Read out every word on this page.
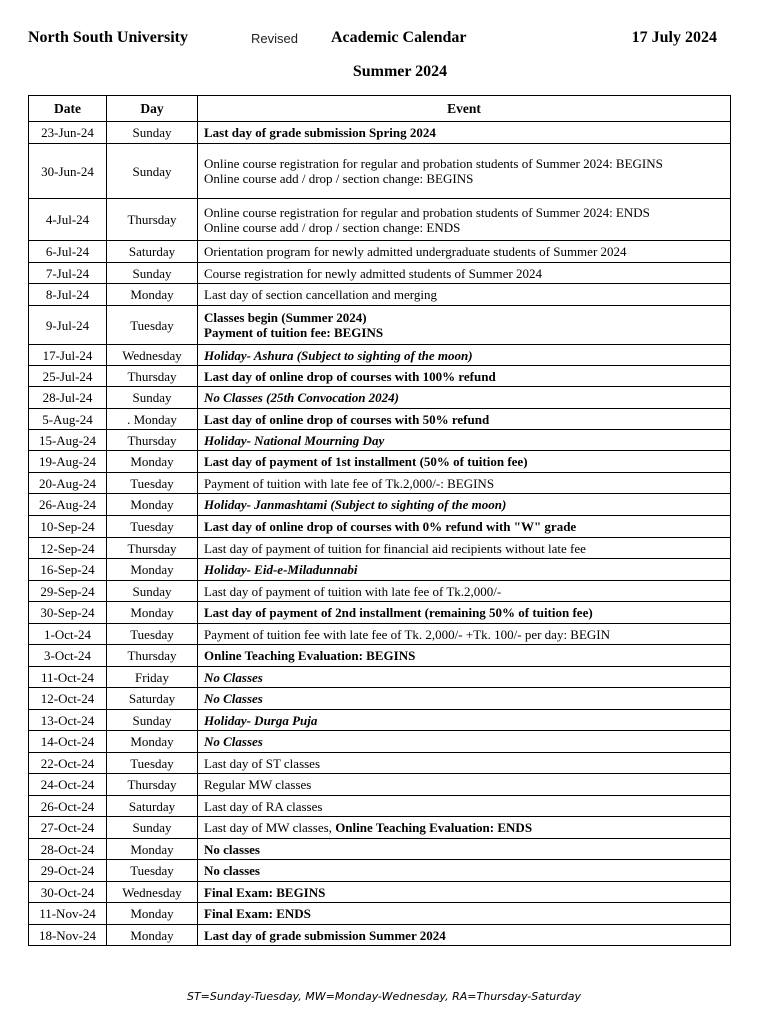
North South University	Revised Academic Calendar	17 July 2024
Summer 2024
Date	Day	Event
23-Jun-24	Sunday	Last day of grade submission Spring 2024

30-Jun-24	Sunday	Online course registration for regular and probation students of Summer 2024: BEGINS
Online course add / drop / section change: BEGINS

4-Jul-24	Thursday	Online course registration for regular and probation students of Summer 2024: ENDS
Online course add / drop / section change: ENDS

6-Jul-24	Saturday	Orientation program for newly admitted undergraduate students of Summer 2024

7-Jul-24	Sunday	Course registration for newly admitted students of Summer 2024

8-Jul-24	Monday	Last day of section cancellation and merging

9-Jul-24	Tuesday	Classes begin (Summer 2024)
Payment of tuition fee: BEGINS

17-Jul-24	Wednesday	Holiday- Ashura (Subject to sighting of the moon)

25-Jul-24	Thursday	Last day of online drop of courses with 100% refund

28-Jul-24	Sunday	No Classes (25th Convocation 2024)

5-Aug-24	. Monday	Last day of online drop of courses with 50% refund

15-Aug-24	Thursday	Holiday- National Mourning Day

19-Aug-24	Monday	Last day of payment of 1st installment (50% of tuition fee)

20-Aug-24	Tuesday	Payment of tuition with late fee of Tk.2,000/-: BEGINS

26-Aug-24	Monday	Holiday- Janmashtami (Subject to sighting of the moon)

10-Sep-24	Tuesday	Last day of online drop of courses with 0% refund with "W" grade

12-Sep-24	Thursday	Last day of payment of tuition for financial aid recipients without late fee

16-Sep-24	Monday	Holiday- Eid-e-Miladunnabi

29-Sep-24	Sunday	Last day of payment of tuition with late fee of Tk.2,000/-

30-Sep-24	Monday	Last day of payment of 2nd installment (remaining 50% of tuition fee)

1-Oct-24	Tuesday	Payment of tuition fee with late fee of Tk. 2,000/- +Tk. 100/- per day: BEGIN

3-Oct-24	Thursday	Online Teaching Evaluation: BEGINS

11-Oct-24	Friday	No Classes

12-Oct-24	Saturday	No Classes

13-Oct-24	Sunday	Holiday- Durga Puja

14-Oct-24	Monday	No Classes

22-Oct-24	Tuesday	Last day of ST classes

24-Oct-24	Thursday	Regular MW classes

26-Oct-24	Saturday	Last day of RA classes

27-Oct-24	Sunday	Last day of MW classes, Online Teaching Evaluation: ENDS

28-Oct-24	Monday	No classes

29-Oct-24	Tuesday	No classes

30-Oct-24	Wednesday	Final Exam: BEGINS

11-Nov-24	Monday	Final Exam: ENDS

18-Nov-24	Monday	Last day of grade submission Summer 2024
ST=Sunday-Tuesday, MW=Monday-Wednesday, RA=Thursday-Saturday
